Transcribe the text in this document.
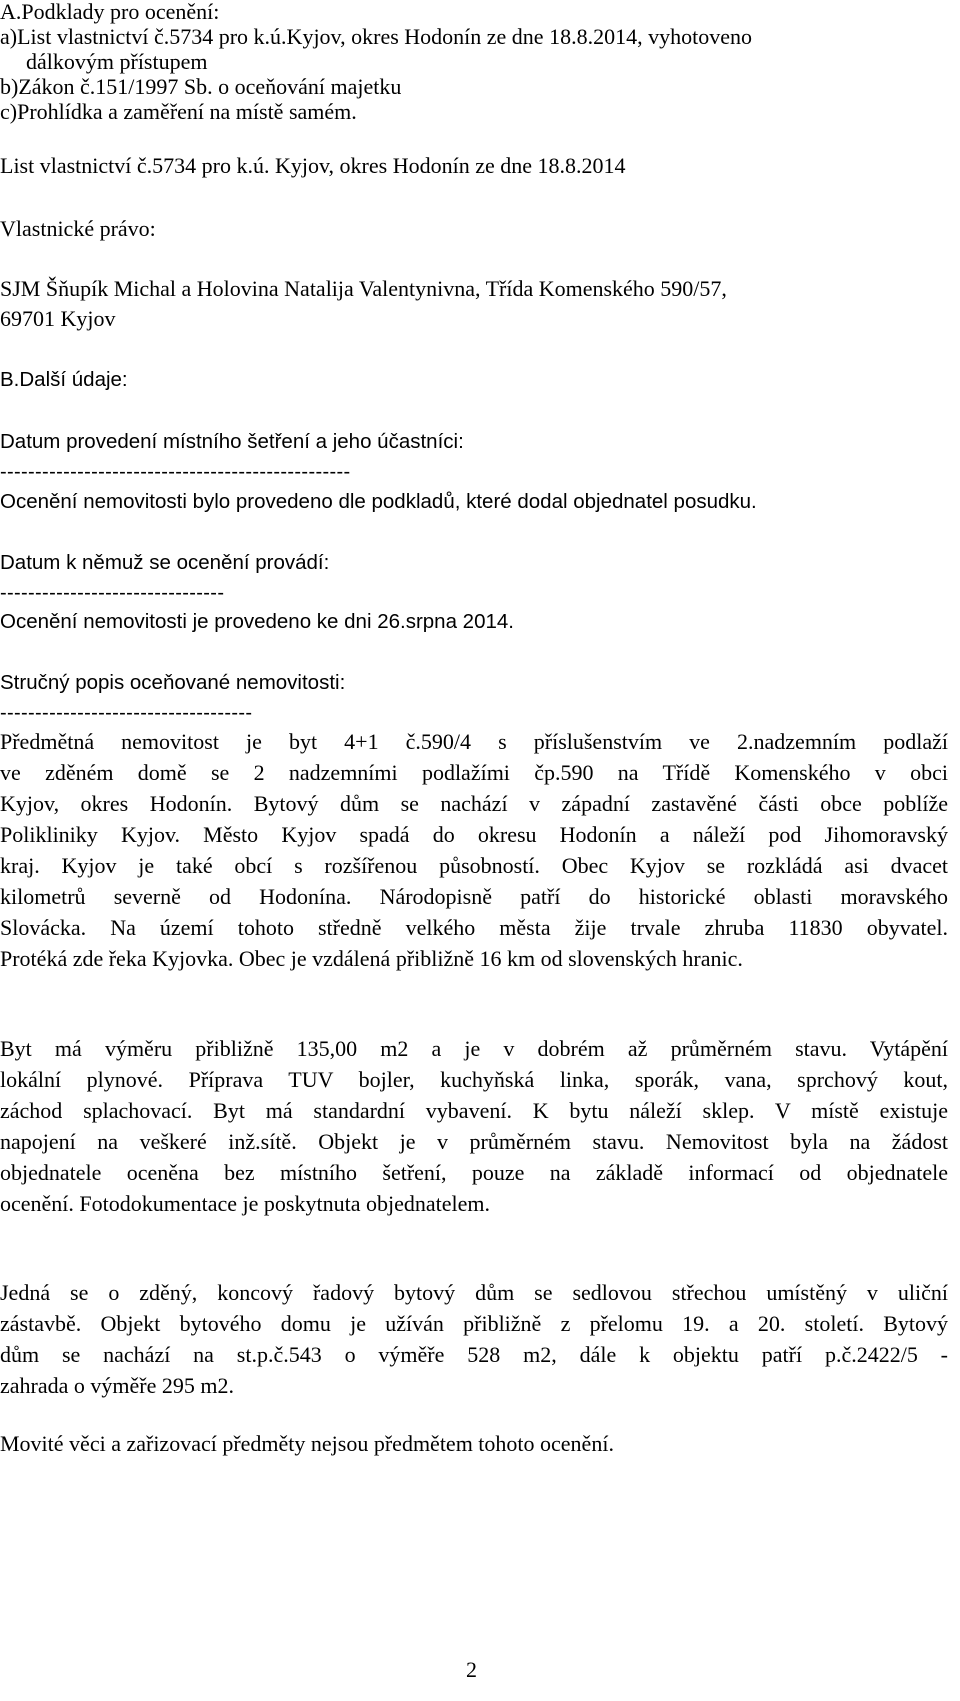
A.Podklady pro ocenění:
a)List vlastnictví č.5734 pro k.ú.Kyjov, okres Hodonín ze dne 18.8.2014, vyhotoveno
dálkovým přístupem
b)Zákon č.151/1997 Sb. o oceňování majetku
c)Prohlídka a zaměření na místě samém.
List vlastnictví č.5734 pro k.ú. Kyjov, okres Hodonín ze dne 18.8.2014
Vlastnické právo:
SJM Šňupík Michal a Holovina Natalija Valentynivna, Třída Komenského 590/57,
69701 Kyjov
B.Další údaje:
Datum provedení místního šetření a jeho účastníci:
--------------------------------------------------
Ocenění nemovitosti bylo provedeno dle podkladů, které dodal objednatel posudku.
Datum k němuž se ocenění provádí:
--------------------------------
Ocenění nemovitosti je provedeno ke dni 26.srpna 2014.
Stručný popis oceňované nemovitosti:
------------------------------------

Předmětná nemovitost je byt 4+1 č.590/4 s příslušenstvím ve 2.nadzemním podlaží

ve zděném domě se 2 nadzemními podlažími čp.590 na Třídě Komenského v obci

Kyjov, okres Hodonín. Bytový dům se nachází v západní zastavěné části obce poblíže

Polikliniky Kyjov. Město Kyjov spadá do okresu Hodonín a náleží pod Jihomoravský

kraj. Kyjov je také obcí s rozšířenou působností. Obec Kyjov se rozkládá asi dvacet

kilometrů severně od Hodonína. Národopisně patří do historické oblasti moravského

Slovácka. Na území tohoto středně velkého města žije trvale zhruba 11830 obyvatel.

Protéká zde řeka Kyjovka. Obec je vzdálená přibližně 16 km od slovenských hranic.

Byt má výměru přibližně 135,00 m2 a je v dobrém až průměrném stavu. Vytápění

lokální plynové. Příprava TUV bojler, kuchyňská linka, sporák, vana, sprchový kout,

záchod splachovací. Byt má standardní vybavení. K bytu náleží sklep. V místě existuje

napojení na veškeré inž.sítě. Objekt je v průměrném stavu. Nemovitost byla na žádost

objednatele oceněna bez místního šetření, pouze na základě informací od objednatele

ocenění. Fotodokumentace je poskytnuta objednatelem.

Jedná se o zděný, koncový řadový bytový dům se sedlovou střechou umístěný v uliční

zástavbě. Objekt bytového domu je užíván přibližně z přelomu 19. a 20. století. Bytový

dům se nachází na st.p.č.543 o výměře 528 m2, dále k objektu patří p.č.2422/5 -

zahrada o výměře 295 m2.

Movité věci a zařizovací předměty nejsou předmětem tohoto ocenění.
2
